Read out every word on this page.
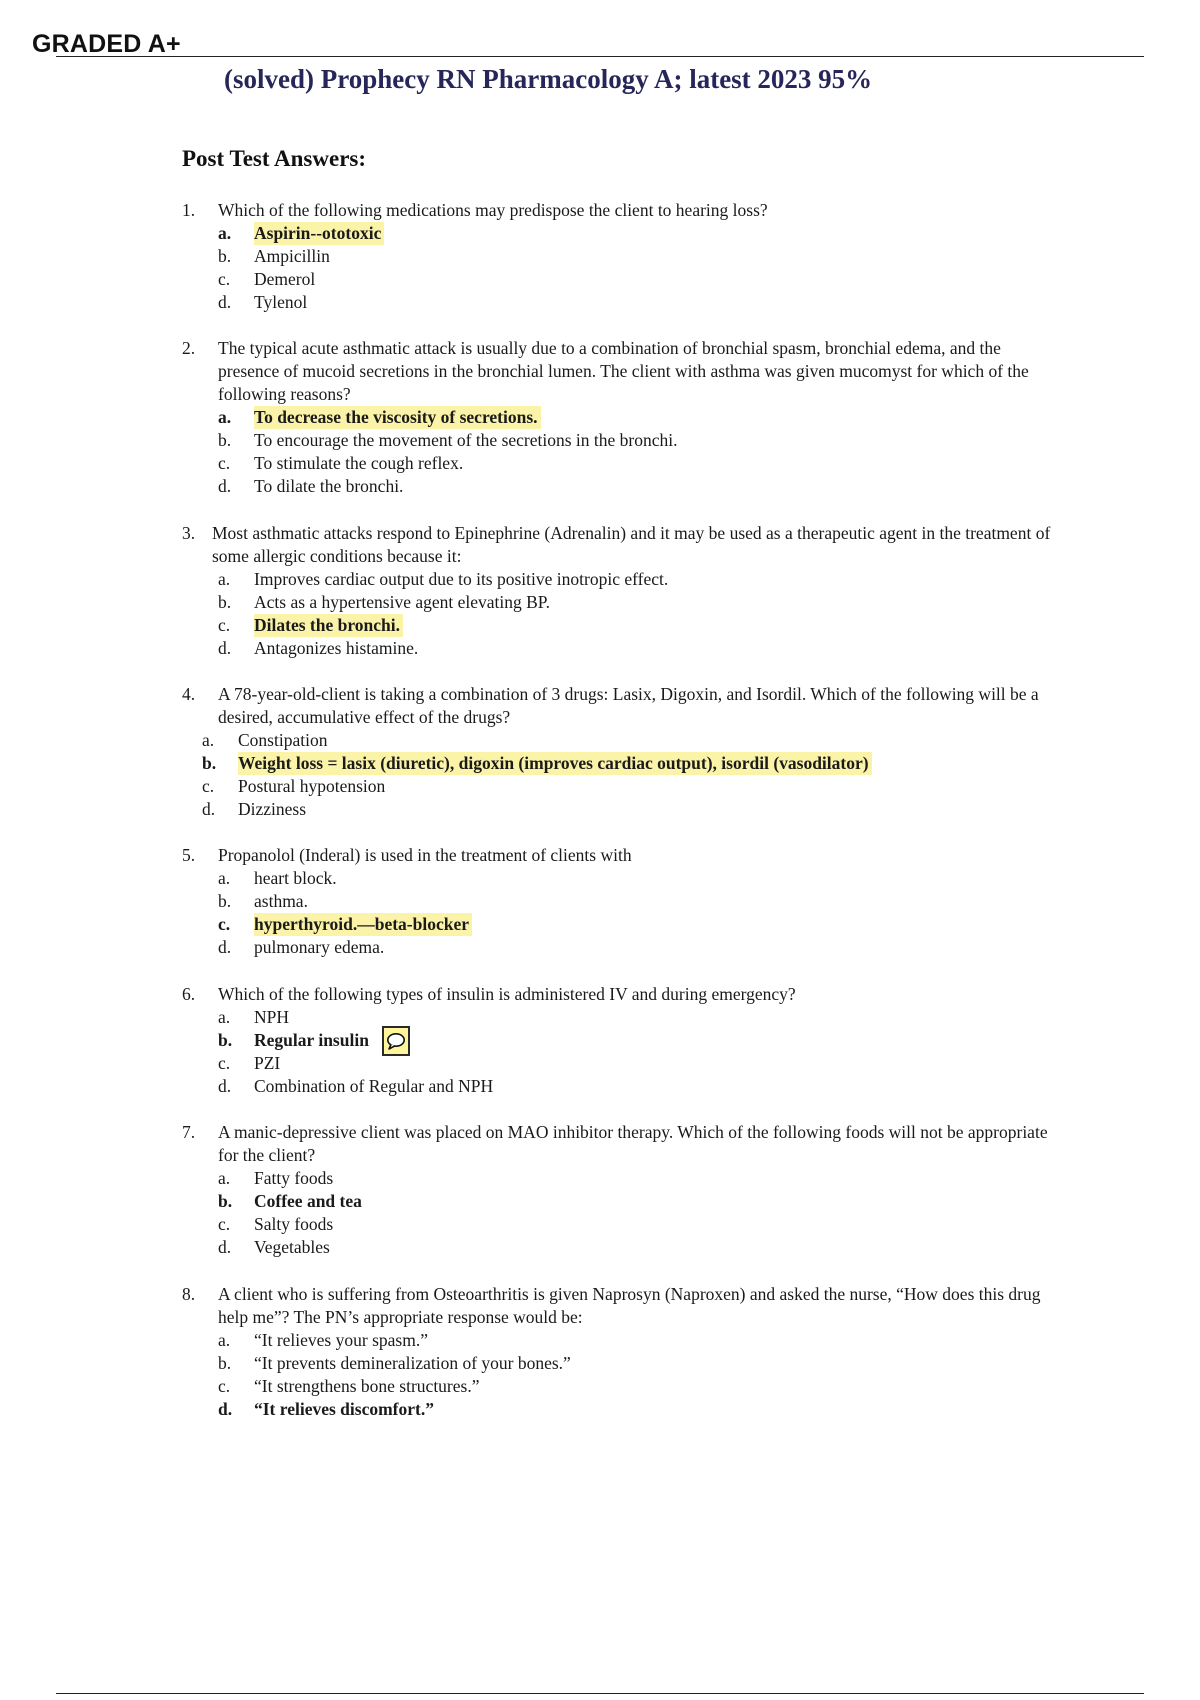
GRADED A+
(solved) Prophecy RN Pharmacology A; latest 2023 95%
Post Test Answers:
1.	Which of the following medications may predispose the client to hearing loss?
a.	Aspirin--ototoxic
b.	Ampicillin
c.	Demerol
d.	Tylenol
2.	The typical acute asthmatic attack is usually due to a combination of bronchial spasm, bronchial edema, and the presence of mucoid secretions in the bronchial lumen. The client with asthma was given mucomyst for which of the following reasons?
a.	To decrease the viscosity of secretions.
b.	To encourage the movement of the secretions in the bronchi.
c.	To stimulate the cough reflex.
d.	To dilate the bronchi.
3. Most asthmatic attacks respond to Epinephrine (Adrenalin) and it may be used as a therapeutic agent in the treatment of some allergic conditions because it:
a.	Improves cardiac output due to its positive inotropic effect.
b.	Acts as a hypertensive agent elevating BP.
c.	Dilates the bronchi.
d.	Antagonizes histamine.
4.	A 78-year-old-client is taking a combination of 3 drugs: Lasix, Digoxin, and Isordil. Which of the following will be a desired, accumulative effect of the drugs?
a.	Constipation
b.	Weight loss = lasix (diuretic), digoxin (improves cardiac output), isordil (vasodilator)
c.	Postural hypotension
d.	Dizziness
5.	Propanolol (Inderal) is used in the treatment of clients with
a.	heart block.
b.	asthma.
c.	hyperthyroid.—beta-blocker
d.	pulmonary edema.
6.	Which of the following types of insulin is administered IV and during emergency?
a.	NPH
b.	Regular insulin
c.	PZI
d.	Combination of Regular and NPH
7.	A manic-depressive client was placed on MAO inhibitor therapy. Which of the following foods will not be appropriate for the client?
a.	Fatty foods
b.	Coffee and tea
c.	Salty foods
d.	Vegetables
8.	A client who is suffering from Osteoarthritis is given Naprosyn (Naproxen) and asked the nurse, “How does this drug help me”? The PN’s appropriate response would be:
a.	“It relieves your spasm.”
b.	“It prevents demineralization of your bones.”
c.	“It strengthens bone structures.”
d.	“It relieves discomfort.”
